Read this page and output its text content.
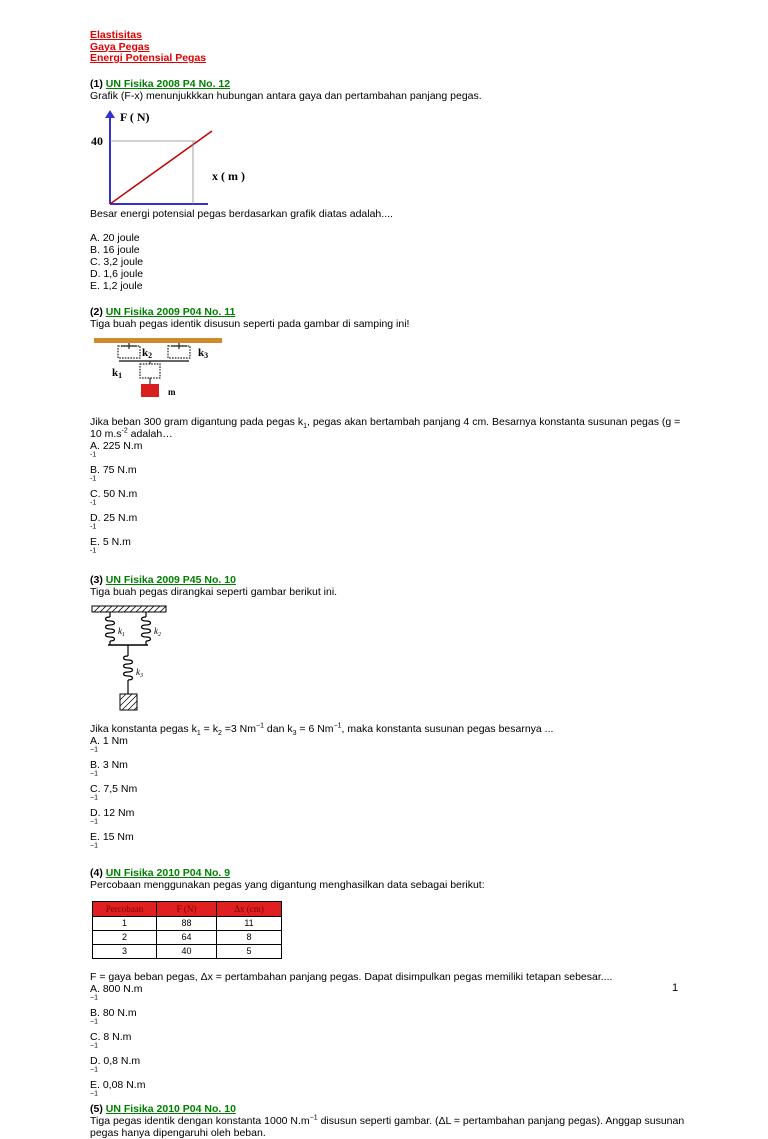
Elastisitas
Gaya Pegas
Energi Potensial Pegas
(1) UN Fisika 2008 P4 No. 12
Grafik (F-x) menunjukkkan hubungan antara gaya dan pertambahan panjang pegas.
F ( N)
40
x ( m )
Besar energi potensial pegas berdasarkan grafik diatas adalah....
A. 20 joule
B. 16 joule
C. 3,2 joule
D. 1,6 joule
E. 1,2 joule
(2) UN Fisika 2009 P04 No. 11
Tiga buah pegas identik disusun seperti pada gambar di samping ini!
k2	k3
k1
m
Jika beban 300 gram digantung pada pegas $k_1$, pegas akan bertambah panjang 4 cm. Besarnya konstanta susunan pegas (g =
10 $m.s^{-2}$ adalah…
A. 225 N.m
$^{-1}$
B. 75 N.m
$^{-1}$
C. 50 N.m
$^{-1}$
D. 25 N.m
$^{-1}$
E. 5 N.m
$^{-1}$
(3) UN Fisika 2009 P45 No. 10
Tiga buah pegas dirangkai seperti gambar berikut ini.
$k_1$	$k_2$
$k_3$
Jika konstanta pegas $k_1 = k_2 =3$ $Nm^{-1}$ dan $k_3 = 6$ $Nm^{-1}$, maka konstanta susunan pegas besarnya ...
A. 1 Nm
$^{-1}$
B. 3 Nm
$^{-1}$
C. 7,5 Nm
$^{-1}$
D. 12 Nm
$^{-1}$
E. 15 Nm
$^{-1}$
(4) UN Fisika 2010 P04 No. 9
Percobaan menggunakan pegas yang digantung menghasilkan data sebagai berikut:
Percobaan	F (N)	Δx (cm)
1	88	11
2	64	8
3	40	5
F = gaya beban pegas, Δx = pertambahan panjang pegas. Dapat disimpulkan pegas memiliki tetapan sebesar....
A. 800 N.m
$^{-1}$
B. 80 N.m
$^{-1}$
C. 8 N.m
$^{-1}$
D. 0,8 N.m
$^{-1}$
E. 0,08 N.m
$^{-1}$
(5) UN Fisika 2010 P04 No. 10
Tiga pegas identik dengan konstanta 1000 $N.m^{-1}$ disusun seperti gambar. (ΔL = pertambahan panjang pegas). Anggap susunan
pegas hanya dipengaruhi oleh beban.
1
